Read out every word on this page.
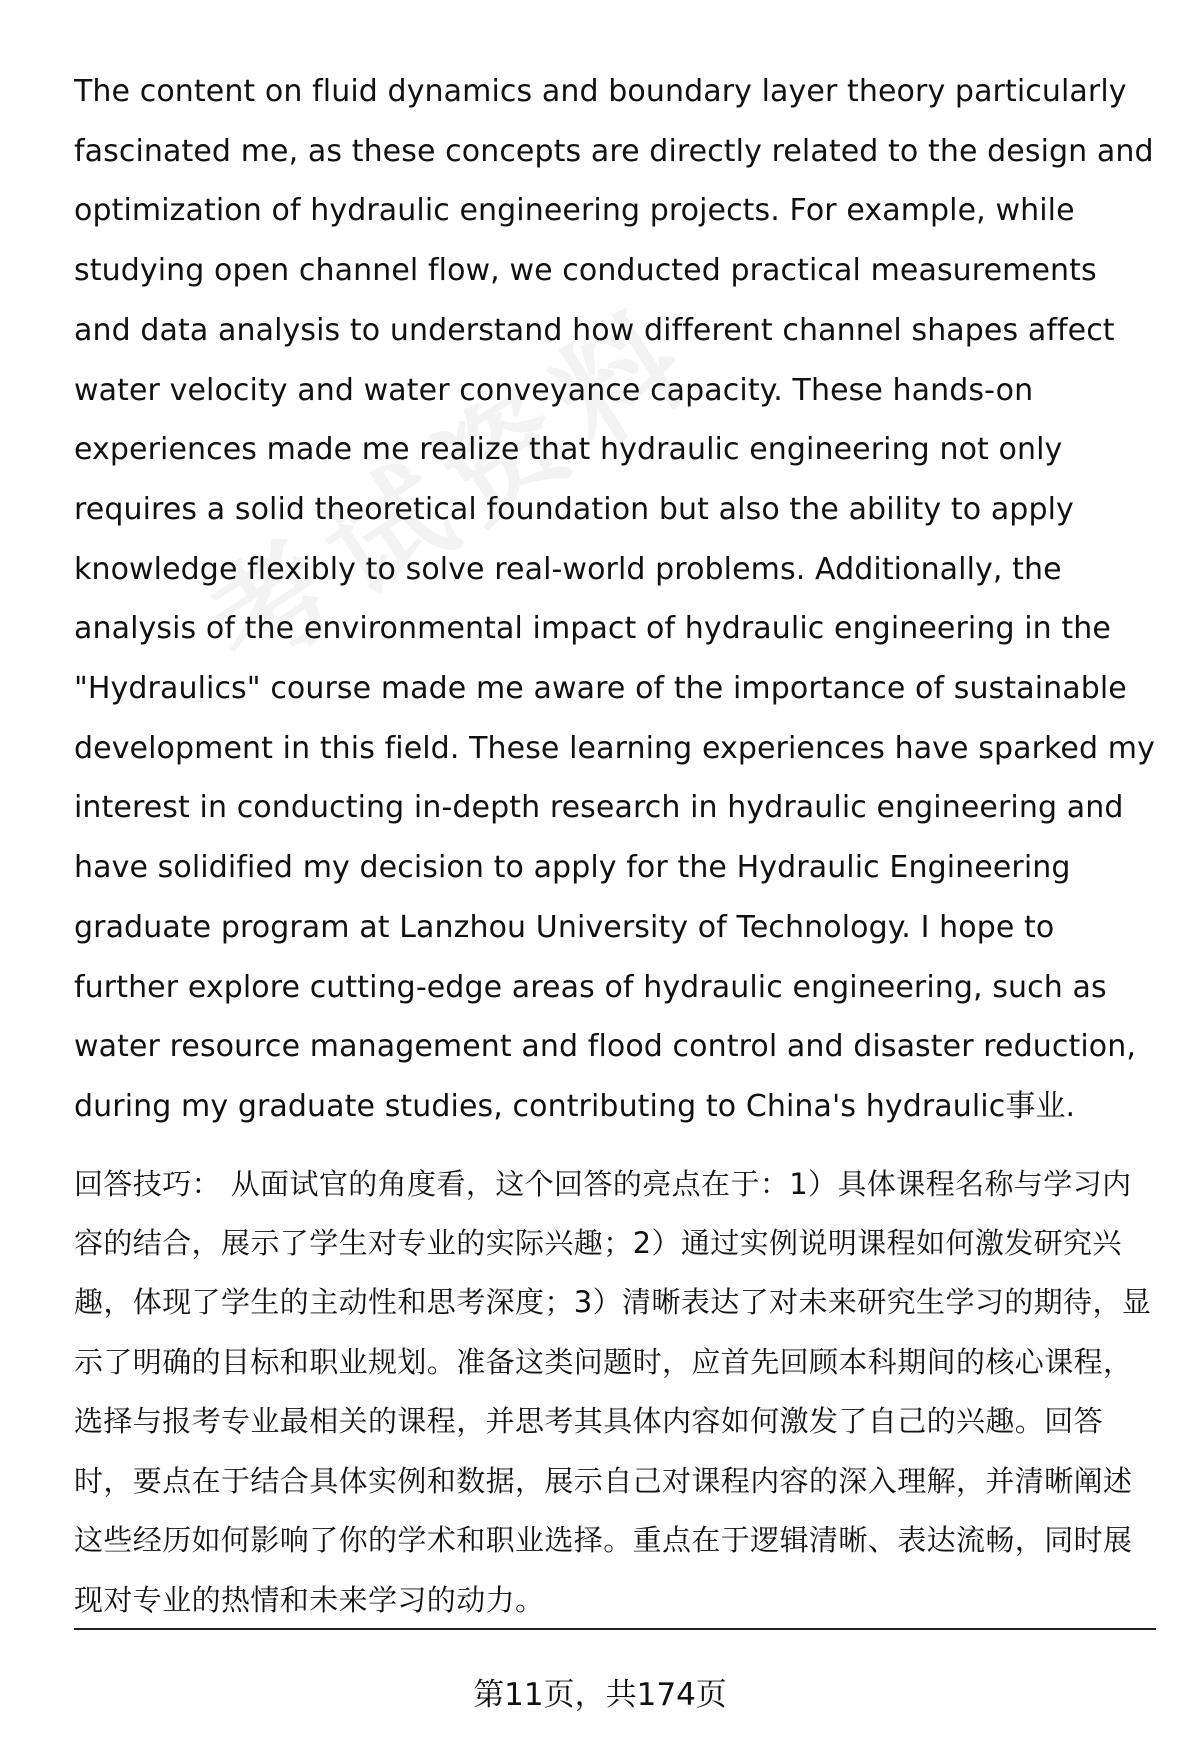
The content on fluid dynamics and boundary layer theory particularly fascinated me, as these concepts are directly related to the design and optimization of hydraulic engineering projects. For example, while studying open channel flow, we conducted practical measurements and data analysis to understand how different channel shapes affect water velocity and water conveyance capacity. These hands-on experiences made me realize that hydraulic engineering not only requires a solid theoretical foundation but also the ability to apply knowledge flexibly to solve real-world problems. Additionally, the analysis of the environmental impact of hydraulic engineering in the "Hydraulics" course made me aware of the importance of sustainable development in this field. These learning experiences have sparked my interest in conducting in-depth research in hydraulic engineering and have solidified my decision to apply for the Hydraulic Engineering graduate program at Lanzhou University of Technology. I hope to further explore cutting-edge areas of hydraulic engineering, such as water resource management and flood control and disaster reduction, during my graduate studies, contributing to China's hydraulic事业.

回答技巧： 从面试官的角度看，这个回答的亮点在于：1）具体课程名称与学习内容的结合，展示了学生对专业的实际兴趣；2）通过实例说明课程如何激发研究兴趣，体现了学生的主动性和思考深度；3）清晰表达了对未来研究生学习的期待，显示了明确的目标和职业规划。准备这类问题时，应首先回顾本科期间的核心课程，选择与报考专业最相关的课程，并思考其具体内容如何激发了自己的兴趣。回答时，要点在于结合具体实例和数据，展示自己对课程内容的深入理解，并清晰阐述这些经历如何影响了你的学术和职业选择。重点在于逻辑清晰、表达流畅，同时展现对专业的热情和未来学习的动力。

第11页，共174页
